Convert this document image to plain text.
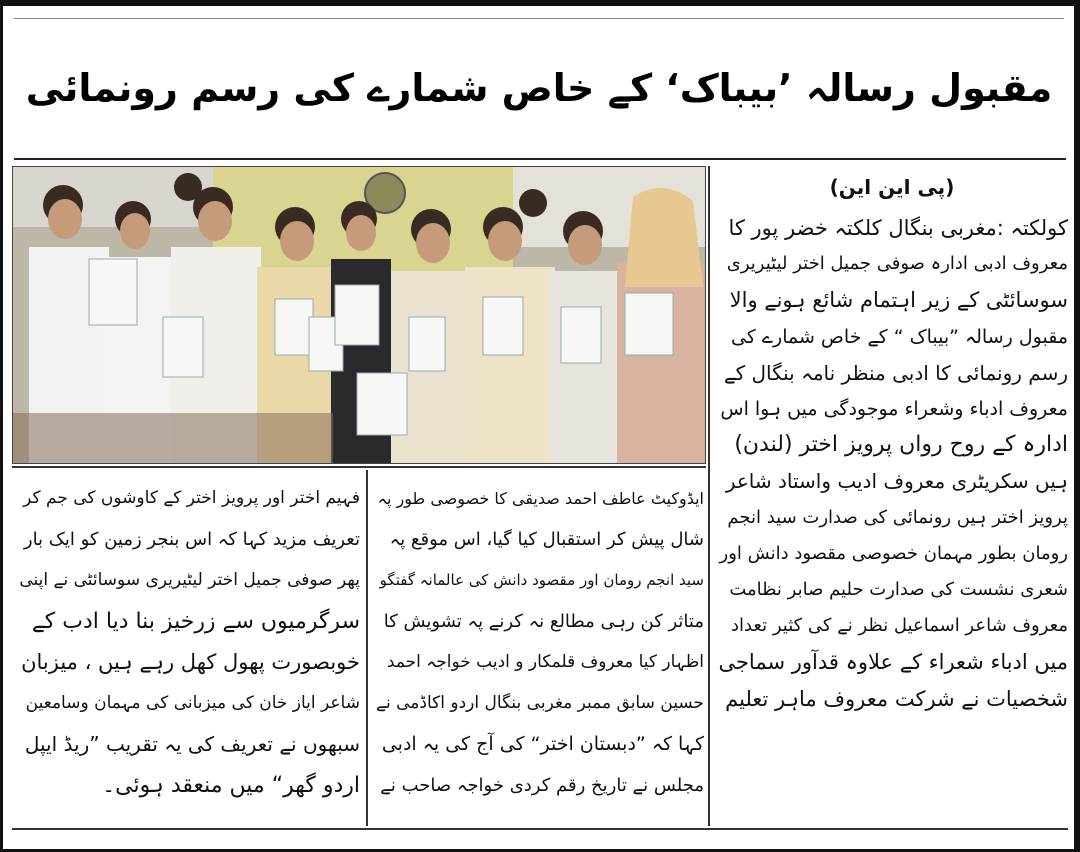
مقبول رسالہ ’بیباک‘ کے خاص شمارے کی رسم رونمائی
(پی این این)

کولکتہ :مغربی بنگال کلکتہ خضر پور کا

معروف ادبی ادارہ صوفی جمیل اختر لیٹیریری

سوسائٹی کے زیر اہتمام شائع ہونے والا

مقبول رسالہ ”بیباک “ کے خاص شمارے کی

رسم رونمائی کا ادبی منظر نامہ بنگال کے

معروف ادباء وشعراء موجودگی میں ہوا اس

ادارہ کے روح رواں پرویز اختر (لندن)

ہیں سکریٹری معروف ادیب واستاد شاعر

پرویز اختر ہیں رونمائی کی صدارت سید انجم

رومان بطور مہمان خصوصی مقصود دانش اور

شعری نشست کی صدارت حلیم صابر نظامت

معروف شاعر اسماعیل نظر نے کی کثیر تعداد

میں ادباء شعراء کے علاوہ قدآور سماجی

شخصیات نے شرکت معروف ماہر تعلیم

ایڈوکیٹ عاطف احمد صدیقی کا خصوصی طور پہ

شال پیش کر استقبال کیا گیا، اس موقع پہ

سید انجم رومان اور مقصود دانش کی عالمانہ گفتگو

متاثر کن رہی مطالع نہ کرنے پہ تشویش کا

اظہار کیا معروف قلمکار و ادیب خواجہ احمد

حسین سابق ممبر مغربی بنگال اردو اکاڈمی نے

کہا کہ ”دبستان اختر“ کی آج کی یہ ادبی

مجلس نے تاریخ رقم کردی خواجہ صاحب نے

فہیم اختر اور پرویز اختر کے کاوشوں کی جم کر

تعریف مزید کہا کہ اس بنجر زمین کو ایک بار

پھر صوفی جمیل اختر لیٹیریری سوسائٹی نے اپنی

سرگرمیوں سے زرخیز بنا دیا ادب کے

خوبصورت پھول کھل رہے ہیں ، میزبان

شاعر ایاز خان کی میزبانی کی مہمان وسامعین

سبھوں نے تعریف کی یہ تقریب ”ریڈ ایپل

اردو گھر“ میں منعقد ہوئی۔
